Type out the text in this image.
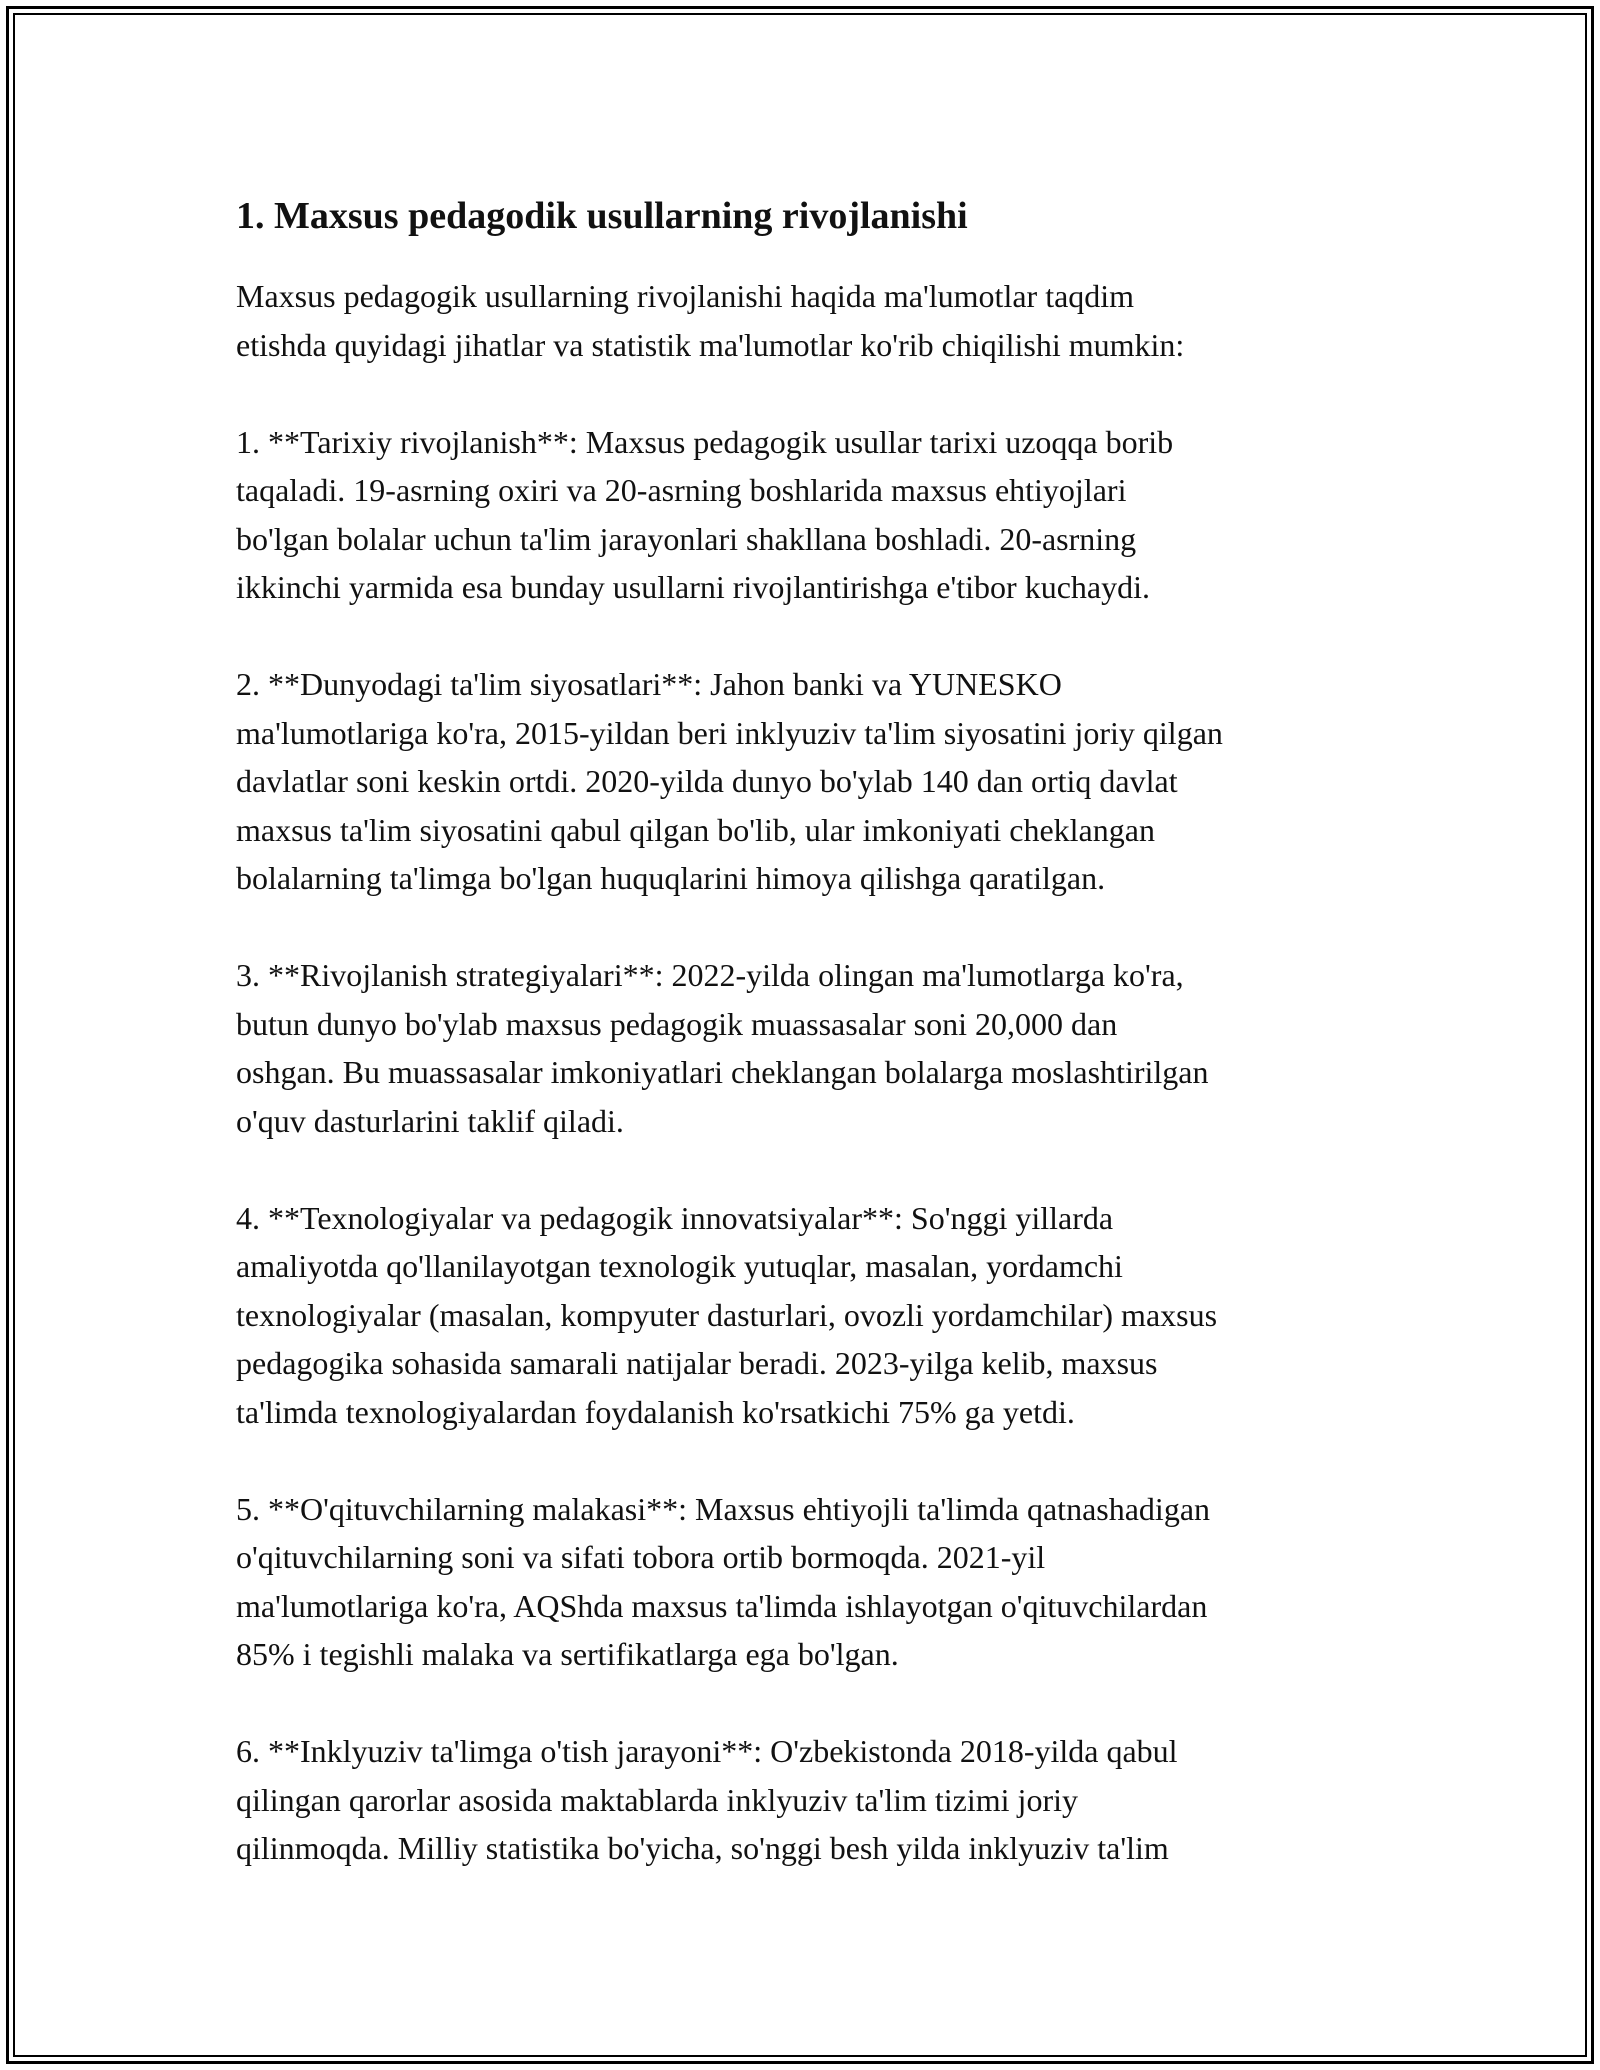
1. Maxsus pedagodik usullarning rivojlanishi
Maxsus pedagogik usullarning rivojlanishi haqida ma'lumotlar taqdim
etishda quyidagi jihatlar va statistik ma'lumotlar ko'rib chiqilishi mumkin:
1. **Tarixiy rivojlanish**: Maxsus pedagogik usullar tarixi uzoqqa borib
taqaladi. 19-asrning oxiri va 20-asrning boshlarida maxsus ehtiyojlari
bo'lgan bolalar uchun ta'lim jarayonlari shakllana boshladi. 20-asrning
ikkinchi yarmida esa bunday usullarni rivojlantirishga e'tibor kuchaydi.
2. **Dunyodagi ta'lim siyosatlari**: Jahon banki va YUNESKO
ma'lumotlariga ko'ra, 2015-yildan beri inklyuziv ta'lim siyosatini joriy qilgan
davlatlar soni keskin ortdi. 2020-yilda dunyo bo'ylab 140 dan ortiq davlat
maxsus ta'lim siyosatini qabul qilgan bo'lib, ular imkoniyati cheklangan
bolalarning ta'limga bo'lgan huquqlarini himoya qilishga qaratilgan.
3. **Rivojlanish strategiyalari**: 2022-yilda olingan ma'lumotlarga ko'ra,
butun dunyo bo'ylab maxsus pedagogik muassasalar soni 20,000 dan
oshgan. Bu muassasalar imkoniyatlari cheklangan bolalarga moslashtirilgan
o'quv dasturlarini taklif qiladi.
4. **Texnologiyalar va pedagogik innovatsiyalar**: So'nggi yillarda
amaliyotda qo'llanilayotgan texnologik yutuqlar, masalan, yordamchi
texnologiyalar (masalan, kompyuter dasturlari, ovozli yordamchilar) maxsus
pedagogika sohasida samarali natijalar beradi. 2023-yilga kelib, maxsus
ta'limda texnologiyalardan foydalanish ko'rsatkichi 75% ga yetdi.
5. **O'qituvchilarning malakasi**: Maxsus ehtiyojli ta'limda qatnashadigan
o'qituvchilarning soni va sifati tobora ortib bormoqda. 2021-yil
ma'lumotlariga ko'ra, AQShda maxsus ta'limda ishlayotgan o'qituvchilardan
85% i tegishli malaka va sertifikatlarga ega bo'lgan.
6. **Inklyuziv ta'limga o'tish jarayoni**: O'zbekistonda 2018-yilda qabul
qilingan qarorlar asosida maktablarda inklyuziv ta'lim tizimi joriy
qilinmoqda. Milliy statistika bo'yicha, so'nggi besh yilda inklyuziv ta'lim
